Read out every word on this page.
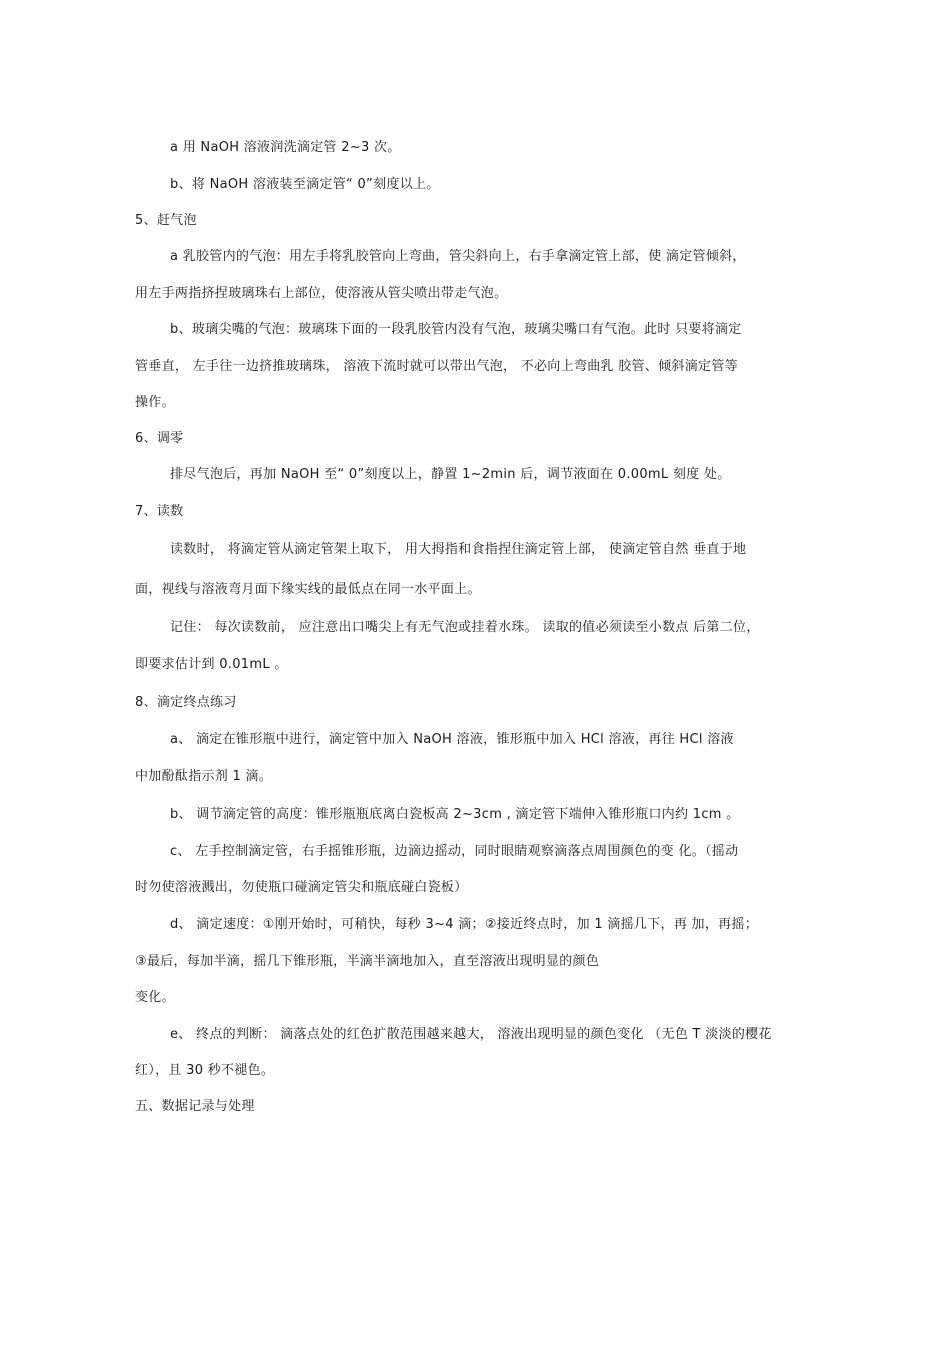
a 用 NaOH 溶液润洗滴定管 2~3 次。
b、将 NaOH 溶液装至滴定管“ 0”刻度以上。
5、赶气泡
a 乳胶管内的气泡：用左手将乳胶管向上弯曲，管尖斜向上，右手拿滴定管上部，使 滴定管倾斜，
用左手两指挤捏玻璃珠右上部位，使溶液从管尖喷出带走气泡。
b、玻璃尖嘴的气泡：玻璃珠下面的一段乳胶管内没有气泡，玻璃尖嘴口有气泡。此时 只要将滴定
管垂直， 左手往一边挤推玻璃珠， 溶液下流时就可以带出气泡， 不必向上弯曲乳 胶管、倾斜滴定管等
操作。
6、调零
排尽气泡后，再加 NaOH 至“ 0”刻度以上，静置 1~2min 后，调节液面在 0.00mL 刻度 处。
7、读数
读数时， 将滴定管从滴定管架上取下， 用大拇指和食指捏住滴定管上部， 使滴定管自然 垂直于地
面，视线与溶液弯月面下缘实线的最低点在同一水平面上。
记住： 每次读数前， 应注意出口嘴尖上有无气泡或挂着水珠。 读取的值必须读至小数点 后第二位，
即要求估计到 0.01mL 。
8、滴定终点练习
a、 滴定在锥形瓶中进行，滴定管中加入 NaOH 溶液，锥形瓶中加入 HCl 溶液，再往 HCl 溶液
中加酚酞指示剂 1 滴。
b、 调节滴定管的高度：锥形瓶瓶底离白瓷板高 2~3cm , 滴定管下端伸入锥形瓶口内约 1cm 。
c、 左手控制滴定管，右手摇锥形瓶，边滴边摇动，同时眼睛观察滴落点周围颜色的变 化。（摇动
时勿使溶液溅出，勿使瓶口碰滴定管尖和瓶底碰白瓷板）
d、 滴定速度：①刚开始时，可稍快，每秒 3~4 滴；②接近终点时，加 1 滴摇几下，再 加，再摇；
③最后，每加半滴，摇几下锥形瓶，半滴半滴地加入，直至溶液出现明显的颜色
变化。
e、 终点的判断： 滴落点处的红色扩散范围越来越大， 溶液出现明显的颜色变化 （无色 T 淡淡的樱花
红），且 30 秒不褪色。
五、数据记录与处理
